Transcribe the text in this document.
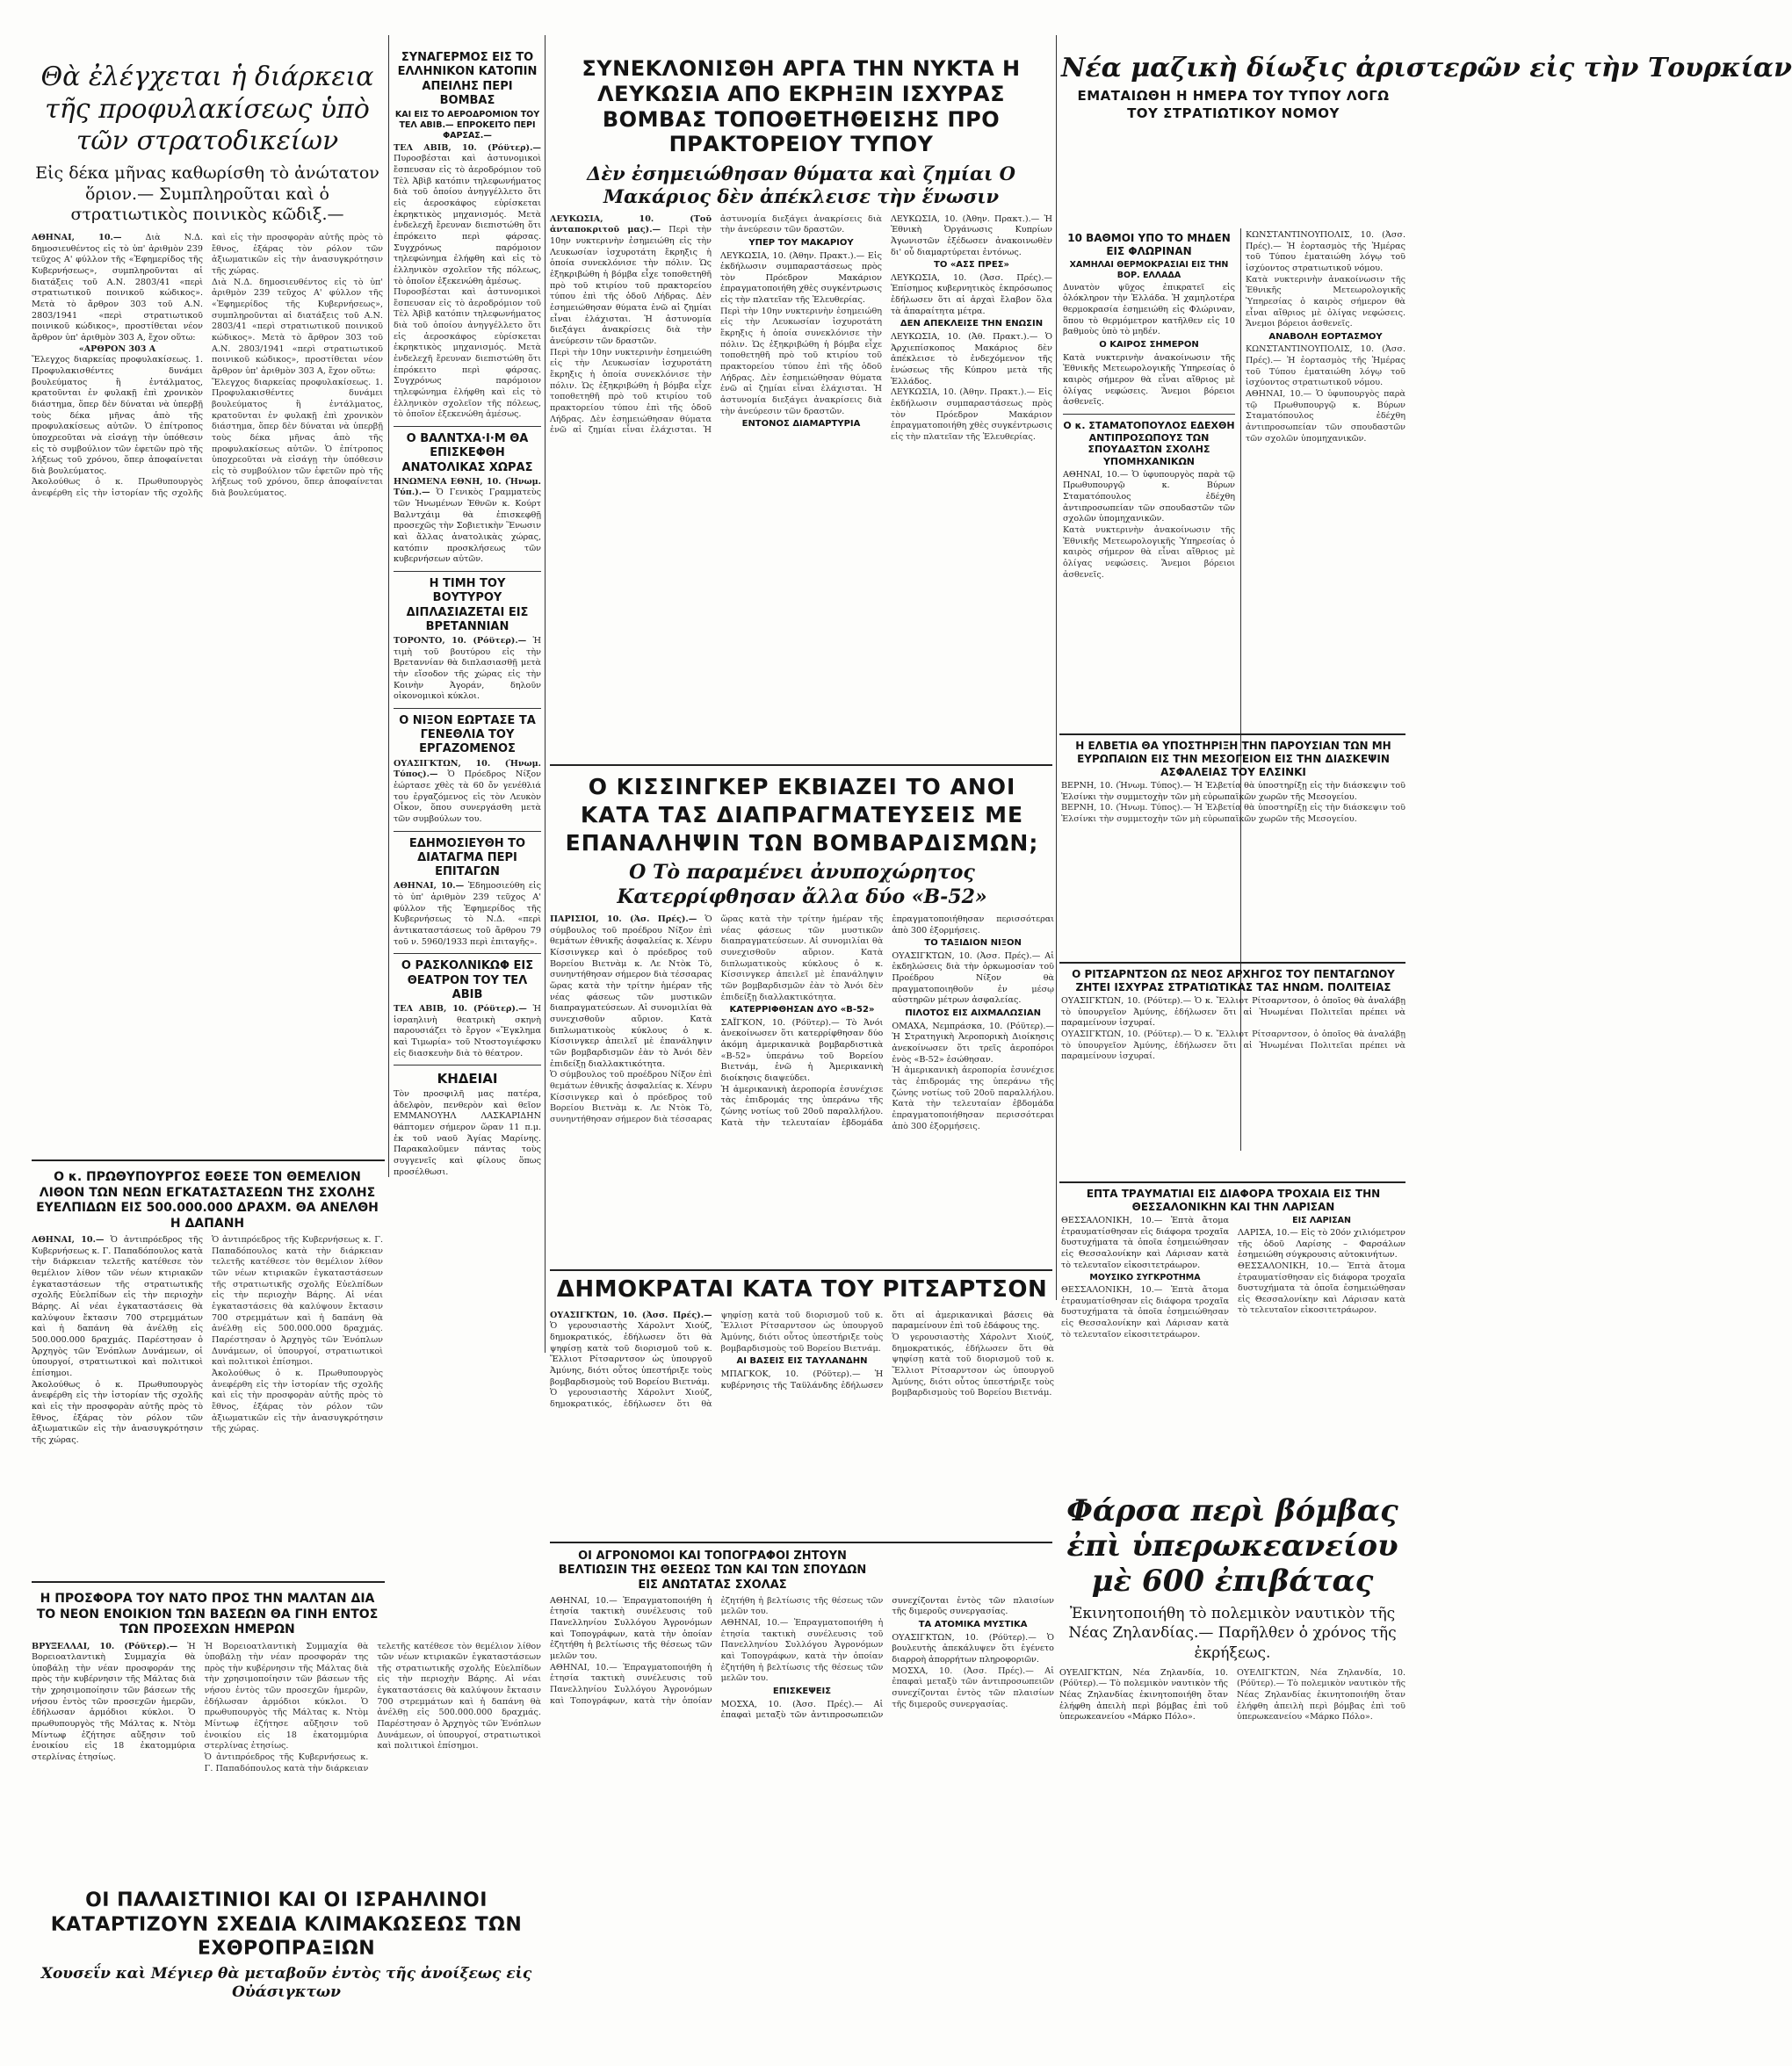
Θὰ ἐλέγχεται ἡ διάρκεια τῆς προφυλακίσεως ὑπὸ τῶν στρατοδικείων

Εἰς δέκα μῆνας καθωρίσθη τὸ ἀνώτατον ὅριον.— Συμπληροῦται καὶ ὁ στρατιωτικὸς ποινικὸς κῶδιξ.—

ΑΘΗΝΑΙ, 10.—	Διὰ Ν.Δ. δημοσιευθέντος εἰς τὸ ὑπ' ἀριθμὸν 239 τεῦχος Α' φύλλον τῆς «Ἐφημερίδος τῆς Κυβερνήσεως», συμπληροῦνται αἱ διατάξεις τοῦ Α.Ν. 2803/41 «περὶ στρατιωτικοῦ ποινικοῦ κώδικος». Μετὰ τὸ ἄρθρον 303 τοῦ Α.Ν. 2803/1941 «περὶ στρατιωτικοῦ ποινικοῦ κώδικος», προστίθεται νέον ἄρθρον ὑπ' ἀριθμὸν 303 Α, ἔχον οὕτω:

«ΑΡΘΡΟΝ 303 Α

Ἔλεγχος διαρκείας προφυλακίσεως. 1. Προφυλακισθέντες δυνάμει βουλεύματος ἢ ἐντάλματος, κρατοῦνται ἐν φυλακῇ ἐπὶ χρονικὸν διάστημα, ὅπερ δὲν δύναται νὰ ὑπερβῇ τοὺς δέκα μῆνας ἀπὸ τῆς προφυλακίσεως αὐτῶν. Ὁ ἐπίτροπος ὑποχρεοῦται νὰ εἰσάγῃ τὴν ὑπόθεσιν εἰς τὸ συμβούλιον τῶν ἐφετῶν πρὸ τῆς λήξεως τοῦ χρόνου, ὅπερ ἀποφαίνεται διὰ βουλεύματος.

Ἀκολούθως ὁ κ. Πρωθυπουργὸς ἀνεφέρθη εἰς τὴν ἱστορίαν τῆς σχολῆς καὶ εἰς τὴν προσφορὰν αὐτῆς πρὸς τὸ ἔθνος, ἐξάρας τὸν ρόλον τῶν ἀξιωματικῶν εἰς τὴν ἀνασυγκρότησιν τῆς χώρας.

Διὰ Ν.Δ. δημοσιευθέντος εἰς τὸ ὑπ' ἀριθμὸν 239 τεῦχος Α' φύλλον τῆς «Ἐφημερίδος τῆς Κυβερνήσεως», συμπληροῦνται αἱ διατάξεις τοῦ Α.Ν. 2803/41 «περὶ στρατιωτικοῦ ποινικοῦ κώδικος». Μετὰ τὸ ἄρθρον 303 τοῦ Α.Ν. 2803/1941 «περὶ στρατιωτικοῦ ποινικοῦ κώδικος», προστίθεται νέον ἄρθρον ὑπ' ἀριθμὸν 303 Α, ἔχον οὕτω:

Ἔλεγχος διαρκείας προφυλακίσεως. 1. Προφυλακισθέντες δυνάμει βουλεύματος ἢ ἐντάλματος, κρατοῦνται ἐν φυλακῇ ἐπὶ χρονικὸν διάστημα, ὅπερ δὲν δύναται νὰ ὑπερβῇ τοὺς δέκα μῆνας ἀπὸ τῆς προφυλακίσεως αὐτῶν. Ὁ ἐπίτροπος ὑποχρεοῦται νὰ εἰσάγῃ τὴν ὑπόθεσιν εἰς τὸ συμβούλιον τῶν ἐφετῶν πρὸ τῆς λήξεως τοῦ χρόνου, ὅπερ ἀποφαίνεται διὰ βουλεύματος.

Ο κ. ΠΡΩΘΥΠΟΥΡΓΟΣ ΕΘΕΣΕ ΤΟΝ ΘΕΜΕΛΙΟΝ ΛΙΘΟΝ ΤΩΝ ΝΕΩΝ ΕΓΚΑΤΑΣΤΑΣΕΩΝ ΤΗΣ ΣΧΟΛΗΣ ΕΥΕΛΠΙΔΩΝ ΕΙΣ 500.000.000 ΔΡΑΧΜ. ΘΑ ΑΝΕΛΘΗ Η ΔΑΠΑΝΗ

ΑΘΗΝΑΙ, 10.— Ὁ ἀντιπρόεδρος τῆς Κυβερνήσεως κ. Γ. Παπαδόπουλος κατὰ τὴν διάρκειαν τελετῆς κατέθεσε τὸν θεμέλιον λίθον τῶν νέων κτιριακῶν ἐγκαταστάσεων τῆς στρατιωτικῆς σχολῆς Εὐελπίδων εἰς τὴν περιοχὴν Βάρης. Αἱ νέαι ἐγκαταστάσεις θὰ καλύψουν ἔκτασιν 700 στρεμμάτων καὶ ἡ δαπάνη θὰ ἀνέλθῃ εἰς 500.000.000 δραχμάς. Παρέστησαν ὁ Ἀρχηγὸς τῶν Ἐνόπλων Δυνάμεων, οἱ ὑπουργοί, στρατιωτικοὶ καὶ πολιτικοὶ ἐπίσημοι.

Ἀκολούθως ὁ κ. Πρωθυπουργὸς ἀνεφέρθη εἰς τὴν ἱστορίαν τῆς σχολῆς καὶ εἰς τὴν προσφορὰν αὐτῆς πρὸς τὸ ἔθνος, ἐξάρας τὸν ρόλον τῶν ἀξιωματικῶν εἰς τὴν ἀνασυγκρότησιν τῆς χώρας.

Ὁ ἀντιπρόεδρος τῆς Κυβερνήσεως κ. Γ. Παπαδόπουλος κατὰ τὴν διάρκειαν τελετῆς κατέθεσε τὸν θεμέλιον λίθον τῶν νέων κτιριακῶν ἐγκαταστάσεων τῆς στρατιωτικῆς σχολῆς Εὐελπίδων εἰς τὴν περιοχὴν Βάρης. Αἱ νέαι ἐγκαταστάσεις θὰ καλύψουν ἔκτασιν 700 στρεμμάτων καὶ ἡ δαπάνη θὰ ἀνέλθῃ εἰς 500.000.000 δραχμάς. Παρέστησαν ὁ Ἀρχηγὸς τῶν Ἐνόπλων Δυνάμεων, οἱ ὑπουργοί, στρατιωτικοὶ καὶ πολιτικοὶ ἐπίσημοι.

Ἀκολούθως ὁ κ. Πρωθυπουργὸς ἀνεφέρθη εἰς τὴν ἱστορίαν τῆς σχολῆς καὶ εἰς τὴν προσφορὰν αὐτῆς πρὸς τὸ ἔθνος, ἐξάρας τὸν ρόλον τῶν ἀξιωματικῶν εἰς τὴν ἀνασυγκρότησιν τῆς χώρας.

Η ΠΡΟΣΦΟΡΑ ΤΟΥ ΝΑΤΟ ΠΡΟΣ ΤΗΝ ΜΑΛΤΑΝ ΔΙΑ ΤΟ ΝΕΟΝ ΕΝΟΙΚΙΟΝ ΤΩΝ ΒΑΣΕΩΝ ΘΑ ΓΙΝΗ ΕΝΤΟΣ ΤΩΝ ΠΡΟΣΕΧΩΝ ΗΜΕΡΩΝ

ΒΡΥΞΕΛΛΑΙ, 10. (Ρόϋτερ).— Ἡ Βορειοατλαντικὴ Συμμαχία θὰ ὑποβάλῃ τὴν νέαν προσφοράν της πρὸς τὴν κυβέρνησιν τῆς Μάλτας διὰ τὴν χρησιμοποίησιν τῶν βάσεων τῆς νήσου ἐντὸς τῶν προσεχῶν ἡμερῶν, ἐδήλωσαν ἁρμόδιοι κύκλοι. Ὁ πρωθυπουργὸς τῆς Μάλτας κ. Ντὸμ Μίντωφ ἐζήτησε αὔξησιν τοῦ ἐνοικίου εἰς 18 ἑκατομμύρια στερλίνας ἐτησίως.

Ἡ Βορειοατλαντικὴ Συμμαχία θὰ ὑποβάλῃ τὴν νέαν προσφοράν της πρὸς τὴν κυβέρνησιν τῆς Μάλτας διὰ τὴν χρησιμοποίησιν τῶν βάσεων τῆς νήσου ἐντὸς τῶν προσεχῶν ἡμερῶν, ἐδήλωσαν ἁρμόδιοι κύκλοι. Ὁ πρωθυπουργὸς τῆς Μάλτας κ. Ντὸμ Μίντωφ ἐζήτησε αὔξησιν τοῦ ἐνοικίου εἰς 18 ἑκατομμύρια στερλίνας ἐτησίως.

Ὁ ἀντιπρόεδρος τῆς Κυβερνήσεως κ. Γ. Παπαδόπουλος κατὰ τὴν διάρκειαν τελετῆς κατέθεσε τὸν θεμέλιον λίθον τῶν νέων κτιριακῶν ἐγκαταστάσεων τῆς στρατιωτικῆς σχολῆς Εὐελπίδων εἰς τὴν περιοχὴν Βάρης. Αἱ νέαι ἐγκαταστάσεις θὰ καλύψουν ἔκτασιν 700 στρεμμάτων καὶ ἡ δαπάνη θὰ ἀνέλθῃ εἰς 500.000.000 δραχμάς. Παρέστησαν ὁ Ἀρχηγὸς τῶν Ἐνόπλων Δυνάμεων, οἱ ὑπουργοί, στρατιωτικοὶ καὶ πολιτικοὶ ἐπίσημοι.

ΣΥΝΑΓΕΡΜΟΣ ΕΙΣ ΤΟ ΕΛΛΗΝΙΚΟΝ ΚΑΤΟΠΙΝ ΑΠΕΙΛΗΣ ΠΕΡΙ ΒΟΜΒΑΣ

ΚΑΙ ΕΙΣ ΤΟ ΑΕΡΟΔΡΟΜΙΟΝ ΤΟΥ ΤΕΛ ΑΒΙΒ.— ΕΠΡΟΚΕΙΤΟ ΠΕΡΙ ΦΑΡΣΑΣ.—

ΤΕΛ ΑΒΙΒ, 10. (Ρόϋτερ).— Πυροσβέσται καὶ ἀστυνομικοὶ ἔσπευσαν εἰς τὸ ἀεροδρόμιον τοῦ Τὲλ Ἀβὶβ κατόπιν τηλεφωνήματος διὰ τοῦ ὁποίου ἀνηγγέλλετο ὅτι εἰς ἀεροσκάφος εὑρίσκεται ἐκρηκτικὸς μηχανισμός. Μετὰ ἐνδελεχῆ ἔρευναν διεπιστώθη ὅτι ἐπρόκειτο περὶ φάρσας. Συγχρόνως παρόμοιον τηλεφώνημα ἐλήφθη καὶ εἰς τὸ ἑλληνικὸν σχολεῖον τῆς πόλεως, τὸ ὁποῖον ἐξεκενώθη ἀμέσως.

Πυροσβέσται καὶ ἀστυνομικοὶ ἔσπευσαν εἰς τὸ ἀεροδρόμιον τοῦ Τὲλ Ἀβὶβ κατόπιν τηλεφωνήματος διὰ τοῦ ὁποίου ἀνηγγέλλετο ὅτι εἰς ἀεροσκάφος εὑρίσκεται ἐκρηκτικὸς μηχανισμός. Μετὰ ἐνδελεχῆ ἔρευναν διεπιστώθη ὅτι ἐπρόκειτο περὶ φάρσας. Συγχρόνως παρόμοιον τηλεφώνημα ἐλήφθη καὶ εἰς τὸ ἑλληνικὸν σχολεῖον τῆς πόλεως, τὸ ὁποῖον ἐξεκενώθη ἀμέσως.

Ο ΒΑΛΝΤΧΑ·Ι·Μ ΘΑ ΕΠΙΣΚΕΦΘΗ ΑΝΑΤΟΛΙΚΑΣ ΧΩΡΑΣ

ΗΝΩΜΕΝΑ ΕΘΝΗ, 10. (Ἡνωμ. Τύπ.).— Ὁ Γενικὸς Γραμματεὺς τῶν Ἡνωμένων Ἐθνῶν κ. Κούρτ Βαλντχάιμ θὰ ἐπισκεφθῇ προσεχῶς τὴν Σοβιετικὴν Ἕνωσιν καὶ ἄλλας ἀνατολικὰς χώρας, κατόπιν προσκλήσεως τῶν κυβερνήσεων αὐτῶν.

Η ΤΙΜΗ ΤΟΥ ΒΟΥΤΥΡΟΥ ΔΙΠΛΑΣΙΑΖΕΤΑΙ ΕΙΣ ΒΡΕΤΑΝΝΙΑΝ

ΤΟΡΟΝΤΟ, 10. (Ρόϋτερ).— Ἡ τιμὴ τοῦ βουτύρου εἰς τὴν Βρεταννίαν θὰ διπλασιασθῇ μετὰ τὴν εἴσοδον τῆς χώρας εἰς τὴν Κοινὴν Ἀγοράν, δηλοῦν οἰκονομικοὶ κύκλοι.

Ο ΝΙΞΟΝ ΕΩΡΤΑΣΕ ΤΑ ΓΕΝΕΘΛΙΑ ΤΟΥ ΕΡΓΑΖΟΜΕΝΟΣ

ΟΥΑΣΙΓΚΤΩΝ, 10. (Ἡνωμ. Τύπος).— Ὁ Πρόεδρος Νίξον ἑώρτασε χθὲς τὰ 60 ὄν γενέθλιά του ἐργαζόμενος εἰς τὸν Λευκὸν Οἶκον, ὅπου συνεργάσθη μετὰ τῶν συμβούλων του.

ΕΔΗΜΟΣΙΕΥΘΗ ΤΟ ΔΙΑΤΑΓΜΑ ΠΕΡΙ ΕΠΙΤΑΓΩΝ

ΑΘΗΝΑΙ, 10.— Ἐδημοσιεύθη εἰς τὸ ὑπ' ἀριθμὸν 239 τεῦχος Α' φύλλον τῆς Ἐφημερίδος τῆς Κυβερνήσεως τὸ Ν.Δ. «περὶ ἀντικαταστάσεως τοῦ ἄρθρου 79 τοῦ ν. 5960/1933 περὶ ἐπιταγῆς».

Ο ΡΑΣΚΟΛΝΙΚΩΦ ΕΙΣ ΘΕΑΤΡΟΝ ΤΟΥ ΤΕΛ ΑΒΙΒ

ΤΕΛ ΑΒΙΒ, 10. (Ρόϋτερ).— Ἡ ἰσραηλινὴ θεατρικὴ σκηνὴ παρουσιάζει τὸ ἔργον «Ἔγκλημα καὶ Τιμωρία» τοῦ Ντοστογιέφσκυ εἰς διασκευὴν διὰ τὸ θέατρον.

ΚΗΔΕΙΑΙ

Τὸν προσφιλῆ μας πατέρα, ἀδελφὸν, πενθερὸν καὶ θεῖον ΕΜΜΑΝΟΥΗΛ ΛΑΣΚΑΡΙΔΗΝ θάπτομεν σήμερον ὥραν 11 π.μ. ἐκ τοῦ ναοῦ Ἁγίας Μαρίνης. Παρακαλοῦμεν πάντας τοὺς συγγενεῖς καὶ φίλους ὅπως προσέλθωσι.

ΣΥΝΕΚΛΟΝΙΣΘΗ ΑΡΓΑ ΤΗΝ ΝΥΚΤΑ Η ΛΕΥΚΩΣΙΑ ΑΠΟ ΕΚΡΗΞΙΝ ΙΣΧΥΡΑΣ ΒΟΜΒΑΣ ΤΟΠΟΘΕΤΗΘΕΙΣΗΣ ΠΡΟ ΠΡΑΚΤΟΡΕΙΟΥ ΤΥΠΟΥ

Δὲν ἐσημειώθησαν θύματα καὶ ζημίαι Ο Μακάριος δὲν ἀπέκλεισε τὴν ἕνωσιν

ΛΕΥΚΩΣΙΑ, 10. (Τοῦ ἀνταποκριτοῦ μας).— Περὶ τὴν 10ην νυκτερινὴν ἐσημειώθη εἰς τὴν Λευκωσίαν ἰσχυροτάτη ἔκρηξις ἡ ὁποία συνεκλόνισε τὴν πόλιν. Ὡς ἐξηκριβώθη ἡ βόμβα εἶχε τοποθετηθῆ πρὸ τοῦ κτιρίου τοῦ πρακτορείου τύπου ἐπὶ τῆς ὁδοῦ Λήδρας. Δὲν ἐσημειώθησαν θύματα ἐνῶ αἱ ζημίαι εἶναι ἐλάχισται. Ἡ ἀστυνομία διεξάγει ἀνακρίσεις διὰ τὴν ἀνεύρεσιν τῶν δραστῶν.

Περὶ τὴν 10ην νυκτερινὴν ἐσημειώθη εἰς τὴν Λευκωσίαν ἰσχυροτάτη ἔκρηξις ἡ ὁποία συνεκλόνισε τὴν πόλιν. Ὡς ἐξηκριβώθη ἡ βόμβα εἶχε τοποθετηθῆ πρὸ τοῦ κτιρίου τοῦ πρακτορείου τύπου ἐπὶ τῆς ὁδοῦ Λήδρας. Δὲν ἐσημειώθησαν θύματα ἐνῶ αἱ ζημίαι εἶναι ἐλάχισται. Ἡ ἀστυνομία διεξάγει ἀνακρίσεις διὰ τὴν ἀνεύρεσιν τῶν δραστῶν.

ΥΠΕΡ ΤΟΥ ΜΑΚΑΡΙΟΥ

ΛΕΥΚΩΣΙΑ, 10. (Ἀθην. Πρακτ.).— Εἰς ἐκδήλωσιν συμπαραστάσεως πρὸς τὸν Πρόεδρον Μακάριον ἐπραγματοποιήθη χθὲς συγκέντρωσις εἰς τὴν πλατεῖαν τῆς Ἐλευθερίας.

Περὶ τὴν 10ην νυκτερινὴν ἐσημειώθη εἰς τὴν Λευκωσίαν ἰσχυροτάτη ἔκρηξις ἡ ὁποία συνεκλόνισε τὴν πόλιν. Ὡς ἐξηκριβώθη ἡ βόμβα εἶχε τοποθετηθῆ πρὸ τοῦ κτιρίου τοῦ πρακτορείου τύπου ἐπὶ τῆς ὁδοῦ Λήδρας. Δὲν ἐσημειώθησαν θύματα ἐνῶ αἱ ζημίαι εἶναι ἐλάχισται. Ἡ ἀστυνομία διεξάγει ἀνακρίσεις διὰ τὴν ἀνεύρεσιν τῶν δραστῶν.

ΕΝΤΟΝΟΣ ΔΙΑΜΑΡΤΥΡΙΑ

ΛΕΥΚΩΣΙΑ, 10. (Ἀθην. Πρακτ.).— Ἡ Ἐθνικὴ Ὀργάνωσις Κυπρίων Ἀγωνιστῶν ἐξέδωσεν ἀνακοινωθὲν δι' οὗ διαμαρτύρεται ἐντόνως.

ΤΟ «ΑΣΣ ΠΡΕΣ»

ΛΕΥΚΩΣΙΑ, 10. (Ἀσσ. Πρές).— Ἐπίσημος κυβερνητικὸς ἐκπρόσωπος ἐδήλωσεν ὅτι αἱ ἀρχαὶ ἔλαβον ὅλα τὰ ἀπαραίτητα μέτρα.

ΔΕΝ ΑΠΕΚΛΕΙΣΕ ΤΗΝ ΕΝΩΣΙΝ

ΛΕΥΚΩΣΙΑ, 10. (Ἀθ. Πρακτ.).— Ὁ Ἀρχιεπίσκοπος Μακάριος δὲν ἀπέκλεισε τὸ ἐνδεχόμενον τῆς ἑνώσεως τῆς Κύπρου μετὰ τῆς Ἑλλάδος.

ΛΕΥΚΩΣΙΑ, 10. (Ἀθην. Πρακτ.).— Εἰς ἐκδήλωσιν συμπαραστάσεως πρὸς τὸν Πρόεδρον Μακάριον ἐπραγματοποιήθη χθὲς συγκέντρωσις εἰς τὴν πλατεῖαν τῆς Ἐλευθερίας.

Νέα μαζικὴ δίωξις ἀριστερῶν εἰς τὴν Τουρκίαν

ΕΜΑΤΑΙΩΘΗ Η ΗΜΕΡΑ ΤΟΥ ΤΥΠΟΥ ΛΟΓΩ ΤΟΥ ΣΤΡΑΤΙΩΤΙΚΟΥ ΝΟΜΟΥ

10 ΒΑΘΜΟΙ ΥΠΟ ΤΟ ΜΗΔΕΝ ΕΙΣ ΦΛΩΡΙΝΑΝ

ΧΑΜΗΛΑΙ ΘΕΡΜΟΚΡΑΣΙΑΙ ΕΙΣ ΤΗΝ ΒΟΡ. ΕΛΛΑΔΑ

Δυνατὸν ψῦχος ἐπικρατεῖ εἰς ὁλόκληρον τὴν Ἑλλάδα. Ἡ χαμηλοτέρα θερμοκρασία ἐσημειώθη εἰς Φλώριναν, ὅπου τὸ θερμόμετρον κατῆλθεν εἰς 10 βαθμοὺς ὑπὸ τὸ μηδέν.

Ο ΚΑΙΡΟΣ ΣΗΜΕΡΟΝ

Κατὰ νυκτερινὴν ἀνακοίνωσιν τῆς Ἐθνικῆς Μετεωρολογικῆς Ὑπηρεσίας ὁ καιρὸς σήμερον θὰ εἶναι αἴθριος μὲ ὀλίγας νεφώσεις. Ἄνεμοι βόρειοι ἀσθενεῖς.

Ο κ. ΣΤΑΜΑΤΟΠΟΥΛΟΣ ΕΔΕΧΘΗ ΑΝΤΙΠΡΟΣΩΠΟΥΣ ΤΩΝ ΣΠΟΥΔΑΣΤΩΝ ΣΧΟΛΗΣ ΥΠΟΜΗΧΑΝΙΚΩΝ

ΑΘΗΝΑΙ, 10.— Ὁ ὑφυπουργὸς παρὰ τῷ Πρωθυπουργῷ κ. Βύρων Σταματόπουλος ἐδέχθη ἀντιπροσωπείαν τῶν σπουδαστῶν τῶν σχολῶν ὑπομηχανικῶν.

Κατὰ νυκτερινὴν ἀνακοίνωσιν τῆς Ἐθνικῆς Μετεωρολογικῆς Ὑπηρεσίας ὁ καιρὸς σήμερον θὰ εἶναι αἴθριος μὲ ὀλίγας νεφώσεις. Ἄνεμοι βόρειοι ἀσθενεῖς.

ΚΩΝΣΤΑΝΤΙΝΟΥΠΟΛΙΣ, 10. (Ἀσσ. Πρές).— Ἡ ἑορτασμὸς τῆς Ἡμέρας τοῦ Τύπου ἐματαιώθη λόγῳ τοῦ ἰσχύοντος στρατιωτικοῦ νόμου.

Κατὰ νυκτερινὴν ἀνακοίνωσιν τῆς Ἐθνικῆς Μετεωρολογικῆς Ὑπηρεσίας ὁ καιρὸς σήμερον θὰ εἶναι αἴθριος μὲ ὀλίγας νεφώσεις. Ἄνεμοι βόρειοι ἀσθενεῖς.

ΑΝΑΒΟΛΗ ΕΟΡΤΑΣΜΟΥ

ΚΩΝΣΤΑΝΤΙΝΟΥΠΟΛΙΣ, 10. (Ἀσσ. Πρές).— Ἡ ἑορτασμὸς τῆς Ἡμέρας τοῦ Τύπου ἐματαιώθη λόγῳ τοῦ ἰσχύοντος στρατιωτικοῦ νόμου.

ΑΘΗΝΑΙ, 10.— Ὁ ὑφυπουργὸς παρὰ τῷ Πρωθυπουργῷ κ. Βύρων Σταματόπουλος ἐδέχθη ἀντιπροσωπείαν τῶν σπουδαστῶν τῶν σχολῶν ὑπομηχανικῶν.

Η ΕΛΒΕΤΙΑ ΘΑ ΥΠΟΣΤΗΡΙΞΗ ΤΗΝ ΠΑΡΟΥΣΙΑΝ ΤΩΝ ΜΗ ΕΥΡΩΠΑΙΩΝ ΕΙΣ ΤΗΝ ΜΕΣΟΓΕΙΟΝ ΕΙΣ ΤΗΝ ΔΙΑΣΚΕΨΙΝ ΑΣΦΑΛΕΙΑΣ ΤΟΥ ΕΛΣΙΝΚΙ

ΒΕΡΝΗ, 10. (Ἡνωμ. Τύπος).— Ἡ Ἐλβετία θὰ ὑποστηρίξῃ εἰς τὴν διάσκεψιν τοῦ Ἐλσίνκι τὴν συμμετοχὴν τῶν μὴ εὐρωπαϊκῶν χωρῶν τῆς Μεσογείου.

ΒΕΡΝΗ, 10. (Ἡνωμ. Τύπος).— Ἡ Ἐλβετία θὰ ὑποστηρίξῃ εἰς τὴν διάσκεψιν τοῦ Ἐλσίνκι τὴν συμμετοχὴν τῶν μὴ εὐρωπαϊκῶν χωρῶν τῆς Μεσογείου.

Ο ΡΙΤΣΑΡΝΤΣΟΝ ΩΣ ΝΕΟΣ ΑΡΧΗΓΟΣ ΤΟΥ ΠΕΝΤΑΓΩΝΟΥ ΖΗΤΕΙ ΙΣΧΥΡΑΣ ΣΤΡΑΤΙΩΤΙΚΑΣ ΤΑΣ ΗΝΩΜ. ΠΟΛΙΤΕΙΑΣ

ΟΥΑΣΙΓΚΤΩΝ, 10. (Ρόϋτερ).— Ὁ κ. Ἔλλιοτ Ρίτσαρντσον, ὁ ὁποῖος θὰ ἀναλάβῃ τὸ ὑπουργεῖον Ἀμύνης, ἐδήλωσεν ὅτι αἱ Ἡνωμέναι Πολιτεῖαι πρέπει νὰ παραμείνουν ἰσχυραί.

ΟΥΑΣΙΓΚΤΩΝ, 10. (Ρόϋτερ).— Ὁ κ. Ἔλλιοτ Ρίτσαρντσον, ὁ ὁποῖος θὰ ἀναλάβῃ τὸ ὑπουργεῖον Ἀμύνης, ἐδήλωσεν ὅτι αἱ Ἡνωμέναι Πολιτεῖαι πρέπει νὰ παραμείνουν ἰσχυραί.

ΕΠΤΑ ΤΡΑΥΜΑΤΙΑΙ ΕΙΣ ΔΙΑΦΟΡΑ ΤΡΟΧΑΙΑ ΕΙΣ ΤΗΝ ΘΕΣΣΑΛΟΝΙΚΗΝ ΚΑΙ ΤΗΝ ΛΑΡΙΣΑΝ

ΘΕΣΣΑΛΟΝΙΚΗ, 10.— Ἑπτὰ ἄτομα ἐτραυματίσθησαν εἰς διάφορα τροχαῖα δυστυχήματα τὰ ὁποῖα ἐσημειώθησαν εἰς Θεσσαλονίκην καὶ Λάρισαν κατὰ τὸ τελευταῖον εἰκοσιτετράωρον.

ΜΟΥΣΙΚΟ ΣΥΓΚΡΟΤΗΜΑ

ΘΕΣΣΑΛΟΝΙΚΗ, 10.— Ἑπτὰ ἄτομα ἐτραυματίσθησαν εἰς διάφορα τροχαῖα δυστυχήματα τὰ ὁποῖα ἐσημειώθησαν εἰς Θεσσαλονίκην καὶ Λάρισαν κατὰ τὸ τελευταῖον εἰκοσιτετράωρον.

ΕΙΣ ΛΑΡΙΣΑΝ

ΛΑΡΙΣΑ, 10.— Εἰς τὸ 20όν χιλιόμετρον τῆς ὁδοῦ Λαρίσης – Φαρσάλων ἐσημειώθη σύγκρουσις αὐτοκινήτων.

ΘΕΣΣΑΛΟΝΙΚΗ, 10.— Ἑπτὰ ἄτομα ἐτραυματίσθησαν εἰς διάφορα τροχαῖα δυστυχήματα τὰ ὁποῖα ἐσημειώθησαν εἰς Θεσσαλονίκην καὶ Λάρισαν κατὰ τὸ τελευταῖον εἰκοσιτετράωρον.

Φάρσα περὶ βόμβας ἐπὶ ὑπερωκεανείου μὲ 600 ἐπιβάτας

Ἐκινητοποιήθη τὸ πολεμικὸν ναυτικὸν τῆς Νέας Ζηλανδίας.— Παρῆλθεν ὁ χρόνος τῆς ἐκρήξεως.

ΟΥΕΛΙΓΚΤΩΝ, Νέα Ζηλανδία, 10. (Ρόϋτερ).— Τὸ πολεμικὸν ναυτικὸν τῆς Νέας Ζηλανδίας ἐκινητοποιήθη ὅταν ἐλήφθη ἀπειλὴ περὶ βόμβας ἐπὶ τοῦ ὑπερωκεανείου «Μάρκο Πόλο».

ΟΥΕΛΙΓΚΤΩΝ, Νέα Ζηλανδία, 10. (Ρόϋτερ).— Τὸ πολεμικὸν ναυτικὸν τῆς Νέας Ζηλανδίας ἐκινητοποιήθη ὅταν ἐλήφθη ἀπειλὴ περὶ βόμβας ἐπὶ τοῦ ὑπερωκεανείου «Μάρκο Πόλο».

Ο ΚΙΣΣΙΝΓΚΕΡ ΕΚΒΙΑΖΕΙ ΤΟ ΑΝΟΙ ΚΑΤΑ ΤΑΣ ΔΙΑΠΡΑΓΜΑΤΕΥΣΕΙΣ ΜΕ ΕΠΑΝΑΛΗΨΙΝ ΤΩΝ ΒΟΜΒΑΡΔΙΣΜΩΝ;

Ο Τὸ παραμένει ἀνυποχώρητος Κατερρίφθησαν ἄλλα δύο «Β-52»

ΠΑΡΙΣΙΟΙ, 10. (Ἀσ. Πρές).— Ὁ σύμβουλος τοῦ προέδρου Νίξον ἐπὶ θεμάτων ἐθνικῆς ἀσφαλείας κ. Χένρυ Κίσσινγκερ καὶ ὁ πρόεδρος τοῦ Βορείου Βιετνὰμ κ. Λε Ντὸκ Τὸ, συνηντήθησαν σήμερον διὰ τέσσαρας ὥρας κατὰ τὴν τρίτην ἡμέραν τῆς νέας φάσεως τῶν μυστικῶν διαπραγματεύσεων. Αἱ συνομιλίαι θὰ συνεχισθοῦν αὔριον. Κατὰ διπλωματικοὺς κύκλους ὁ κ. Κίσσινγκερ ἀπειλεῖ μὲ ἐπανάληψιν τῶν βομβαρδισμῶν ἐὰν τὸ Ἀνόι δὲν ἐπιδείξῃ διαλλακτικότητα.

Ὁ σύμβουλος τοῦ προέδρου Νίξον ἐπὶ θεμάτων ἐθνικῆς ἀσφαλείας κ. Χένρυ Κίσσινγκερ καὶ ὁ πρόεδρος τοῦ Βορείου Βιετνὰμ κ. Λε Ντὸκ Τὸ, συνηντήθησαν σήμερον διὰ τέσσαρας ὥρας κατὰ τὴν τρίτην ἡμέραν τῆς νέας φάσεως τῶν μυστικῶν διαπραγματεύσεων. Αἱ συνομιλίαι θὰ συνεχισθοῦν αὔριον. Κατὰ διπλωματικοὺς κύκλους ὁ κ. Κίσσινγκερ ἀπειλεῖ μὲ ἐπανάληψιν τῶν βομβαρδισμῶν ἐὰν τὸ Ἀνόι δὲν ἐπιδείξῃ διαλλακτικότητα.

ΚΑΤΕΡΡΙΦΘΗΣΑΝ ΔΥΟ «Β-52»

ΣΑΪΓΚΟΝ, 10. (Ρόϋτερ).— Τὸ Ἀνόι ἀνεκοίνωσεν ὅτι κατερρίφθησαν δύο ἀκόμη ἀμερικανικὰ βομβαρδιστικὰ «Β-52» ὑπεράνω τοῦ Βορείου Βιετνάμ, ἐνῶ ἡ Ἀμερικανικὴ διοίκησις διαψεύδει.

Ἡ ἀμερικανικὴ ἀεροπορία ἐσυνέχισε τὰς ἐπιδρομάς της ὑπεράνω τῆς ζώνης νοτίως τοῦ 20οῦ παραλλήλου. Κατὰ τὴν τελευταίαν ἑβδομάδα ἐπραγματοποιήθησαν περισσότεραι ἀπὸ 300 ἐξορμήσεις.

ΤΟ ΤΑΞΙΔΙΟΝ ΝΙΞΟΝ

ΟΥΑΣΙΓΚΤΩΝ, 10. (Ἀσσ. Πρές).— Αἱ ἐκδηλώσεις διὰ τὴν ὁρκωμοσίαν τοῦ Προέδρου Νίξον θὰ πραγματοποιηθοῦν ἐν μέσῳ αὐστηρῶν μέτρων ἀσφαλείας.

ΠΙΛΟΤΟΣ ΕΙΣ ΑΙΧΜΑΛΩΣΙΑΝ

ΟΜΑΧΑ, Νεμπράσκα, 10. (Ρόϋτερ).— Ἡ Στρατηγικὴ Ἀεροπορικὴ Διοίκησις ἀνεκοίνωσεν ὅτι τρεῖς ἀεροπόροι ἐνὸς «Β-52» ἐσώθησαν.

Ἡ ἀμερικανικὴ ἀεροπορία ἐσυνέχισε τὰς ἐπιδρομάς της ὑπεράνω τῆς ζώνης νοτίως τοῦ 20οῦ παραλλήλου. Κατὰ τὴν τελευταίαν ἑβδομάδα ἐπραγματοποιήθησαν περισσότεραι ἀπὸ 300 ἐξορμήσεις.

ΔΗΜΟΚΡΑΤΑΙ ΚΑΤΑ ΤΟΥ ΡΙΤΣΑΡΤΣΟΝ

ΟΥΑΣΙΓΚΤΩΝ, 10. (Ἀσσ. Πρές).— Ὁ γερουσιαστὴς Χάρολντ Χιούζ, δημοκρατικός, ἐδήλωσεν ὅτι θὰ ψηφίσῃ κατὰ τοῦ διορισμοῦ τοῦ κ. Ἔλλιοτ Ρίτσαρντσον ὡς ὑπουργοῦ Ἀμύνης, διότι οὗτος ὑπεστήριξε τοὺς βομβαρδισμοὺς τοῦ Βορείου Βιετνάμ.

Ὁ γερουσιαστὴς Χάρολντ Χιούζ, δημοκρατικός, ἐδήλωσεν ὅτι θὰ ψηφίσῃ κατὰ τοῦ διορισμοῦ τοῦ κ. Ἔλλιοτ Ρίτσαρντσον ὡς ὑπουργοῦ Ἀμύνης, διότι οὗτος ὑπεστήριξε τοὺς βομβαρδισμοὺς τοῦ Βορείου Βιετνάμ.

ΑΙ ΒΑΣΕΙΣ ΕΙΣ ΤΑΥΛΑΝΔΗΝ

ΜΠΑΓΚΟΚ, 10. (Ρόϋτερ).— Ἡ κυβέρνησις τῆς Ταϋλάνδης ἐδήλωσεν ὅτι αἱ ἀμερικανικαὶ βάσεις θὰ παραμείνουν ἐπὶ τοῦ ἐδάφους της.

Ὁ γερουσιαστὴς Χάρολντ Χιούζ, δημοκρατικός, ἐδήλωσεν ὅτι θὰ ψηφίσῃ κατὰ τοῦ διορισμοῦ τοῦ κ. Ἔλλιοτ Ρίτσαρντσον ὡς ὑπουργοῦ Ἀμύνης, διότι οὗτος ὑπεστήριξε τοὺς βομβαρδισμοὺς τοῦ Βορείου Βιετνάμ.

ΟΙ ΑΓΡΟΝΟΜΟΙ ΚΑΙ ΤΟΠΟΓΡΑΦΟΙ ΖΗΤΟΥΝ ΒΕΛΤΙΩΣΙΝ ΤΗΣ ΘΕΣΕΩΣ ΤΩΝ ΚΑΙ ΤΩΝ ΣΠΟΥΔΩΝ ΕΙΣ ΑΝΩΤΑΤΑΣ ΣΧΟΛΑΣ

ΑΘΗΝΑΙ, 10.— Ἐπραγματοποιήθη ἡ ἐτησία τακτικὴ συνέλευσις τοῦ Πανελληνίου Συλλόγου Ἀγρονόμων καὶ Τοπογράφων, κατὰ τὴν ὁποίαν ἐζητήθη ἡ βελτίωσις τῆς θέσεως τῶν μελῶν του.

ΑΘΗΝΑΙ, 10.— Ἐπραγματοποιήθη ἡ ἐτησία τακτικὴ συνέλευσις τοῦ Πανελληνίου Συλλόγου Ἀγρονόμων καὶ Τοπογράφων, κατὰ τὴν ὁποίαν ἐζητήθη ἡ βελτίωσις τῆς θέσεως τῶν μελῶν του.

ΑΘΗΝΑΙ, 10.— Ἐπραγματοποιήθη ἡ ἐτησία τακτικὴ συνέλευσις τοῦ Πανελληνίου Συλλόγου Ἀγρονόμων καὶ Τοπογράφων, κατὰ τὴν ὁποίαν ἐζητήθη ἡ βελτίωσις τῆς θέσεως τῶν μελῶν του.

ΕΠΙΣΚΕΨΕΙΣ

ΜΟΣΧΑ, 10. (Ἀσσ. Πρές).— Αἱ ἐπαφαὶ μεταξὺ τῶν ἀντιπροσωπειῶν συνεχίζονται ἐντὸς τῶν πλαισίων τῆς διμεροῦς συνεργασίας.

ΤΑ ΑΤΟΜΙΚΑ ΜΥΣΤΙΚΑ

ΟΥΑΣΙΓΚΤΩΝ, 10. (Ρόϋτερ).— Ὁ βουλευτὴς ἀπεκάλυψεν ὅτι ἐγένετο διαρροὴ ἀπορρήτων πληροφοριῶν.

ΜΟΣΧΑ, 10. (Ἀσσ. Πρές).— Αἱ ἐπαφαὶ μεταξὺ τῶν ἀντιπροσωπειῶν συνεχίζονται ἐντὸς τῶν πλαισίων τῆς διμεροῦς συνεργασίας.

ΟΙ ΠΑΛΑΙΣΤΙΝΙΟΙ ΚΑΙ ΟΙ ΙΣΡΑΗΛΙΝΟΙ ΚΑΤΑΡΤΙΖΟΥΝ ΣΧΕΔΙΑ ΚΛΙΜΑΚΩΣΕΩΣ ΤΩΝ ΕΧΘΡΟΠΡΑΞΙΩΝ

Χουσεΐν καὶ Μέγιερ θὰ μεταβοῦν ἐντὸς τῆς ἀνοίξεως εἰς Οὐάσιγκτων
